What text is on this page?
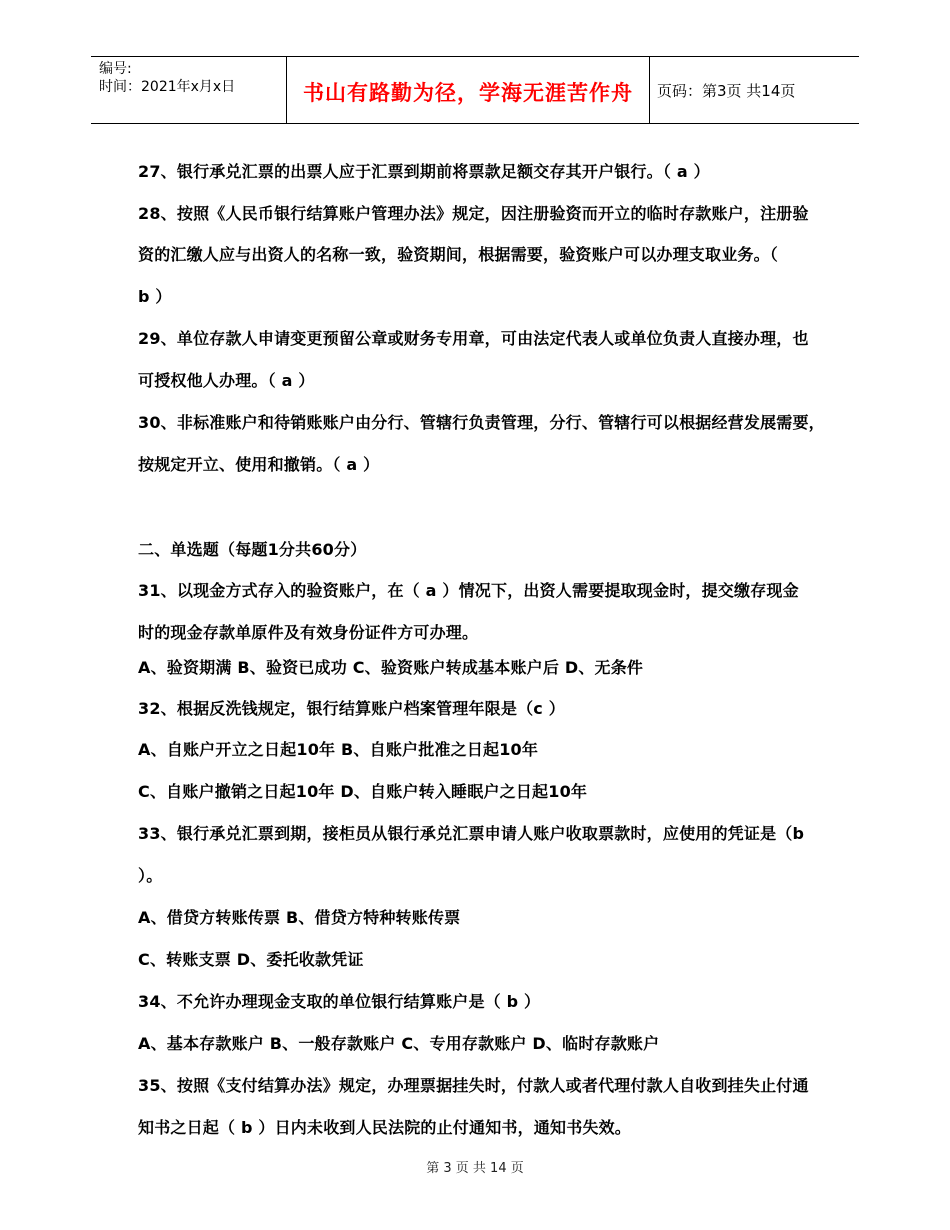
编号:
时间：2021年x月x日	书山有路勤为径，学海无涯苦作舟	页码：第3页 共14页
27、银行承兑汇票的出票人应于汇票到期前将票款足额交存其开户银行。（ a ）
28、按照《人民币银行结算账户管理办法》规定，因注册验资而开立的临时存款账户，注册验
资的汇缴人应与出资人的名称一致，验资期间，根据需要，验资账户可以办理支取业务。（
b ）
29、单位存款人申请变更预留公章或财务专用章，可由法定代表人或单位负责人直接办理，也
可授权他人办理。（ a ）
30、非标准账户和待销账账户由分行、管辖行负责管理，分行、管辖行可以根据经营发展需要，
按规定开立、使用和撤销。（ a ）
二、单选题（每题1分共60分）
31、以现金方式存入的验资账户，在（ a ）情况下，出资人需要提取现金时，提交缴存现金
时的现金存款单原件及有效身份证件方可办理。
A、验资期满 B、验资已成功 C、验资账户转成基本账户后 D、无条件
32、根据反洗钱规定，银行结算账户档案管理年限是（c ）
A、自账户开立之日起10年 B、自账户批准之日起10年
C、自账户撤销之日起10年 D、自账户转入睡眠户之日起10年
33、银行承兑汇票到期，接柜员从银行承兑汇票申请人账户收取票款时，应使用的凭证是（b
）。
A、借贷方转账传票 B、借贷方特种转账传票
C、转账支票 D、委托收款凭证
34、不允许办理现金支取的单位银行结算账户是（ b ）
A、基本存款账户 B、一般存款账户 C、专用存款账户 D、临时存款账户
35、按照《支付结算办法》规定，办理票据挂失时，付款人或者代理付款人自收到挂失止付通
知书之日起（ b ）日内未收到人民法院的止付通知书，通知书失效。
第 3 页 共 14 页
